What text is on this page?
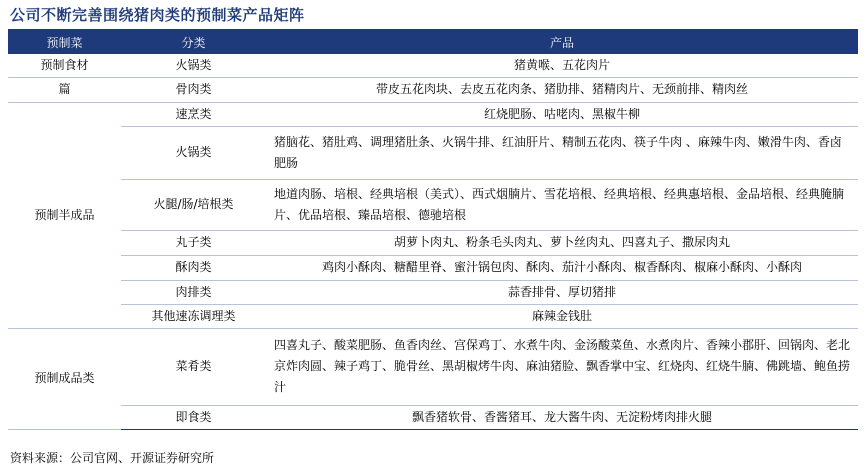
公司不断完善围绕猪肉类的预制菜产品矩阵
预制菜	分类	产品
预制食材	火锅类	猪黄喉、五花肉片
篇	骨肉类	带皮五花肉块、去皮五花肉条、猪肋排、猪精肉片、无颈前排、精肉丝
预制半成品	速烹类	红烧肥肠、咕咾肉、黑椒牛柳
	火锅类	猪脑花、猪肚鸡、调理猪肚条、火锅牛排、红油肝片、精制五花肉、筷子牛肉 、麻辣牛肉、嫩滑牛肉、香卤肥肠
	火腿/肠/培根类	地道肉肠、培根、经典培根（美式）、西式烟腩片、雪花培根、经典培根、经典惠培根、金品培根、经典腌腩片、优品培根、臻品培根、德驰培根
	丸子类	胡萝卜肉丸、粉条毛头肉丸、萝卜丝肉丸、四喜丸子、撒尿肉丸
	酥肉类	鸡肉小酥肉、糖醋里脊、蜜汁锅包肉、酥肉、茄汁小酥肉、椒香酥肉、椒麻小酥肉、小酥肉
	肉排类	蒜香排骨、厚切猪排
	其他速冻调理类	麻辣金钱肚
预制成品类	菜肴类	四喜丸子、酸菜肥肠、鱼香肉丝、宫保鸡丁、水煮牛肉、金汤酸菜鱼、水煮肉片、香辣小郡肝、回锅肉、老北京炸肉圆、辣子鸡丁、脆骨丝、黑胡椒烤牛肉、麻油猪脸、飘香掌中宝、红烧肉、红烧牛腩、佛跳墙、鲍鱼捞汁
	即食类	飘香猪软骨、香酱猪耳、龙大酱牛肉、无淀粉烤肉排火腿
资料来源：公司官网、开源证券研究所
